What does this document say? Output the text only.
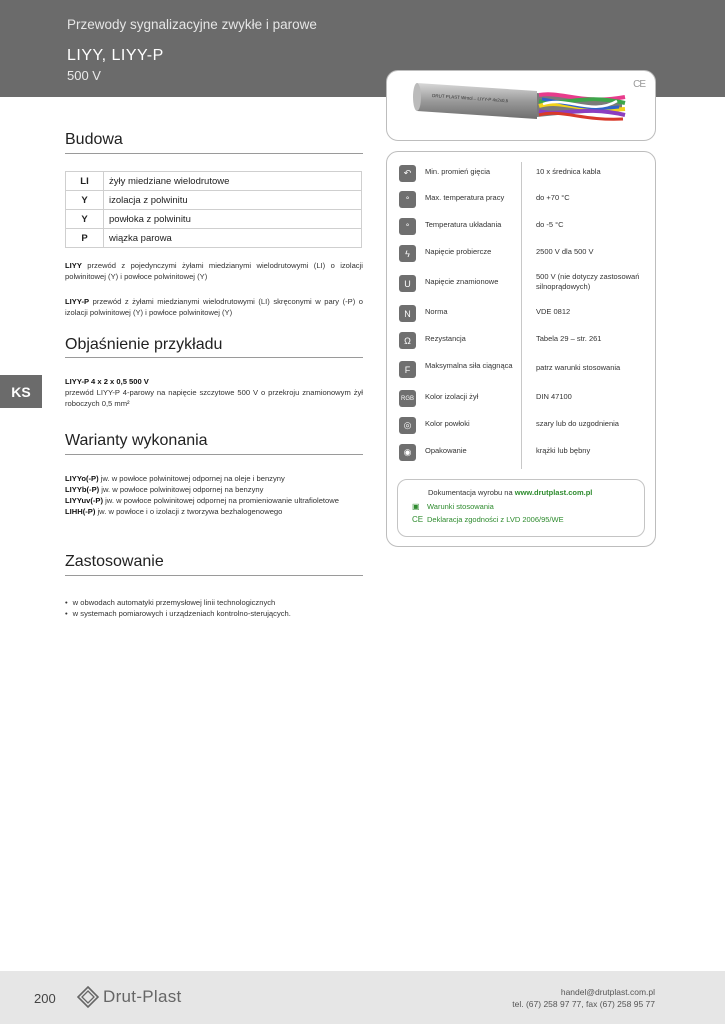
Przewody sygnalizacyjne zwykłe i parowe
LIYY, LIYY-P
500 V
DRUT PLAST Wrocł... LIYY-P 4x2x0,5
CE
Budowa
LI	żyły miedziane wielodrutowe
Y	izolacja z polwinitu
Y	powłoka z polwinitu
P	wiązka parowa
LIYY przewód z pojedynczymi żyłami miedzianymi wielodrutowymi (LI) o izolacji polwinitowej (Y) i powłoce polwinitowej (Y)
LIYY-P przewód z żyłami miedzianymi wielodrutowymi (LI) skręconymi w pary (-P) o izolacji polwinitowej (Y) i powłoce polwinitowej (Y)
Objaśnienie przykładu
LIYY-P 4 x 2 x 0,5 500 V
przewód LIYY-P 4-parowy na napięcie szczytowe 500 V o przekroju znamionowym żył roboczych 0,5 mm²
KS
Warianty wykonania
LIYYo(-P) jw. w powłoce polwinitowej odpornej na oleje i benzyny
LIYYb(-P) jw. w powłoce polwinitowej odpornej na benzyny
LIYYuv(-P) jw. w powłoce polwinitowej odpornej na promieniowanie ultrafioletowe
LIHH(-P) jw. w powłoce i o izolacji z tworzywa bezhalogenowego
Zastosowanie
• w obwodach automatyki przemysłowej linii technologicznych
• w systemach pomiarowych i urządzeniach kontrolno-sterujących.
↶	Min. promień gięcia	10 x średnica kabla
°	Max. temperatura pracy	do +70 °C
°	Temperatura układania	do -5 °C
ϟ	Napięcie probiercze	2500 V dla 500 V
U	Napięcie znamionowe
500 V (nie dotyczy zastosowań silnoprądowych)
N	Norma	VDE 0812
Ω	Rezystancja	Tabela 29 – str. 261
F	Maksymalna siła ciągnąca	patrz warunki stosowania
RGB Kolor izolacji żył	DIN 47100
◎	Kolor powłoki	szary lub do uzgodnienia
◉	Opakowanie	krążki lub bębny
Dokumentacja wyrobu na www.drutplast.com.pl
▣ Warunki stosowania
CE Deklaracja zgodności z LVD 2006/95/WE
200	Drut-Plast	handel@drutplast.com.pl
tel. (67) 258 97 77, fax (67) 258 95 77
